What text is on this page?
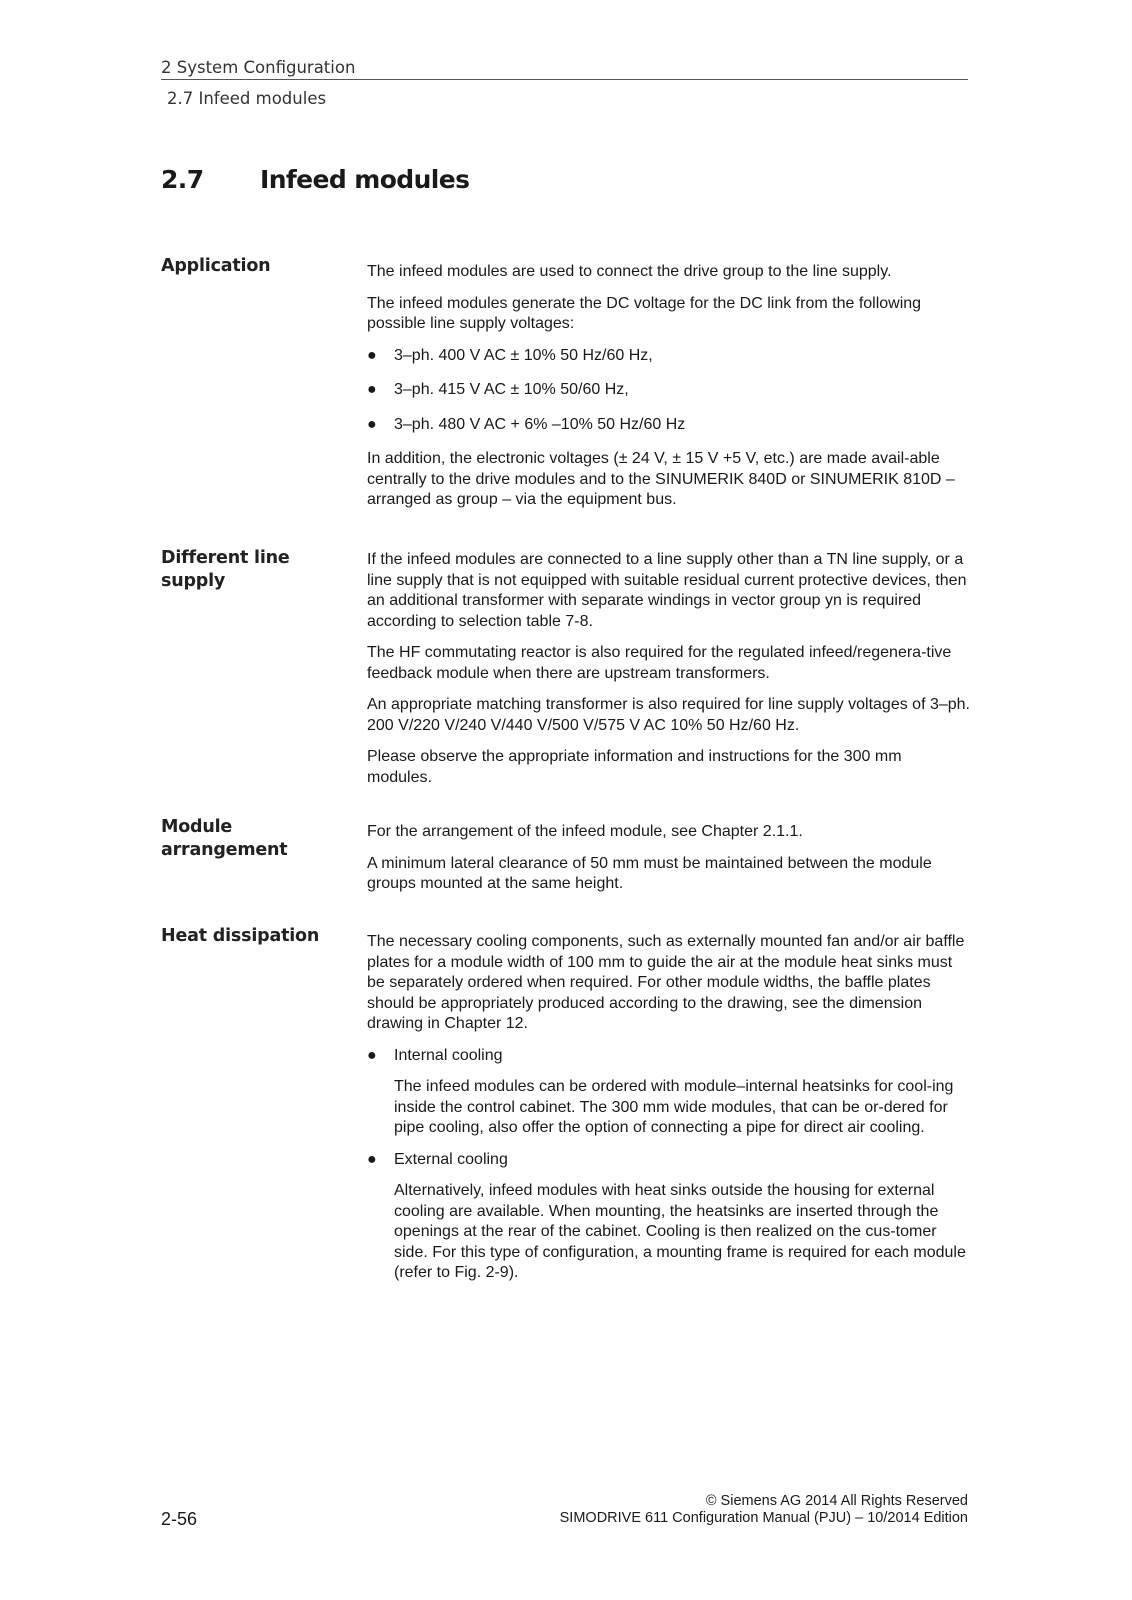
2 System Configuration
2.7 Infeed modules
2.7 Infeed modules
Application	The infeed modules are used to connect the drive group to the line supply.

The infeed modules generate the DC voltage for the DC link from the following possible line supply voltages:

● 3–ph. 400 V AC ± 10% 50 Hz/60 Hz,
● 3–ph. 415 V AC ± 10% 50/60 Hz,
● 3–ph. 480 V AC + 6% –10% 50 Hz/60 Hz

In addition, the electronic voltages (± 24 V, ± 15 V +5 V, etc.) are made avail-able centrally to the drive modules and to the SINUMERIK 840D or SINUMERIK 810D – arranged as group – via the equipment bus.

Different line supply

If the infeed modules are connected to a line supply other than a TN line supply, or a line supply that is not equipped with suitable residual current protective devices, then an additional transformer with separate windings in vector group yn is required according to selection table 7-8.

The HF commutating reactor is also required for the regulated infeed/regenera-tive feedback module when there are upstream transformers.

An appropriate matching transformer is also required for line supply voltages of 3–ph. 200 V/220 V/240 V/440 V/500 V/575 V AC 10% 50 Hz/60 Hz.

Please observe the appropriate information and instructions for the 300 mm modules.

Module arrangement

For the arrangement of the infeed module, see Chapter 2.1.1.

A minimum lateral clearance of 50 mm must be maintained between the module groups mounted at the same height.

Heat dissipation	The necessary cooling components, such as externally mounted fan and/or air baffle plates for a module width of 100 mm to guide the air at the module heat sinks must be separately ordered when required. For other module widths, the baffle plates should be appropriately produced according to the drawing, see the dimension drawing in Chapter 12.

● Internal cooling

The infeed modules can be ordered with module–internal heatsinks for cool-ing inside the control cabinet. The 300 mm wide modules, that can be or-dered for pipe cooling, also offer the option of connecting a pipe for direct air cooling.

● External cooling

Alternatively, infeed modules with heat sinks outside the housing for external cooling are available. When mounting, the heatsinks are inserted through the openings at the rear of the cabinet. Cooling is then realized on the cus-tomer side. For this type of configuration, a mounting frame is required for each module (refer to Fig. 2-9).

2-56
© Siemens AG 2014 All Rights Reserved
SIMODRIVE 611 Configuration Manual (PJU) – 10/2014 Edition
